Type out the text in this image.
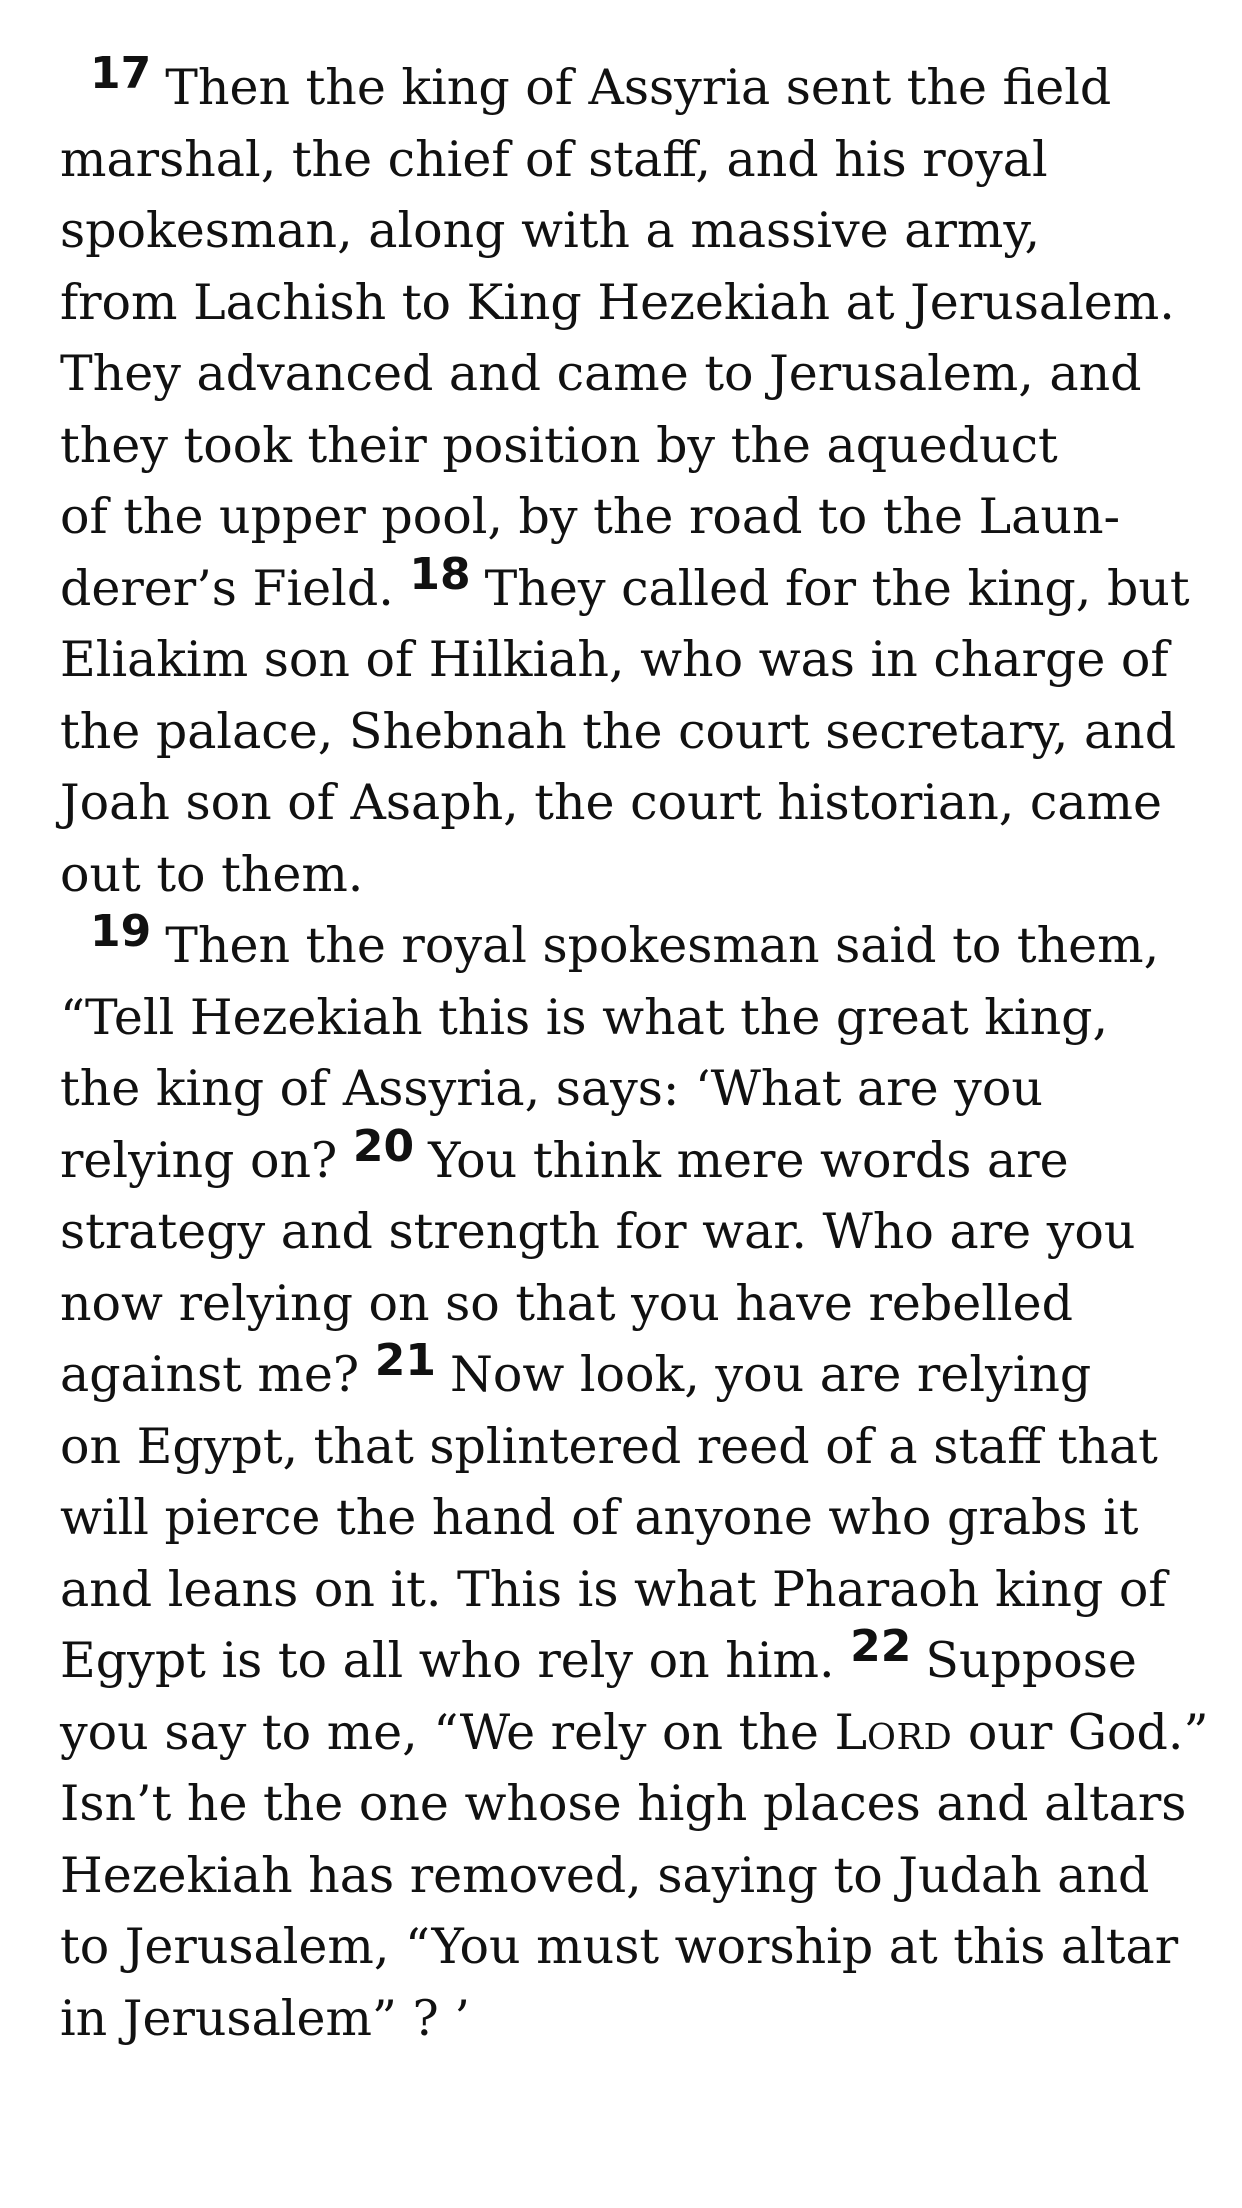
17 Then the king of Assyria sent the field
marshal, the chief of staff, and his royal
spokesman, along with a massive army,
from Lachish to King Hezekiah at Jerusalem.
They advanced and came to Jerusalem, and
they took their position by the aqueduct
of the upper pool, by the road to the Laun-
derer’s Field. 18 They called for the king, but
Eliakim son of Hilkiah, who was in charge of
the palace, Shebnah the court secretary, and
Joah son of Asaph, the court historian, came
out to them.
19 Then the royal spokesman said to them,
“Tell Hezekiah this is what the great king,
the king of Assyria, says: ‘What are you
relying on? 20 You think mere words are
strategy and strength for war. Who are you
now relying on so that you have rebelled
against me? 21 Now look, you are relying
on Egypt, that splintered reed of a staff that
will pierce the hand of anyone who grabs it
and leans on it. This is what Pharaoh king of
Egypt is to all who rely on him. 22 Suppose
you say to me, “We rely on the LORD our God.”
Isn’t he the one whose high places and altars
Hezekiah has removed, saying to Judah and
to Jerusalem, “You must worship at this altar
in Jerusalem” ? ’
